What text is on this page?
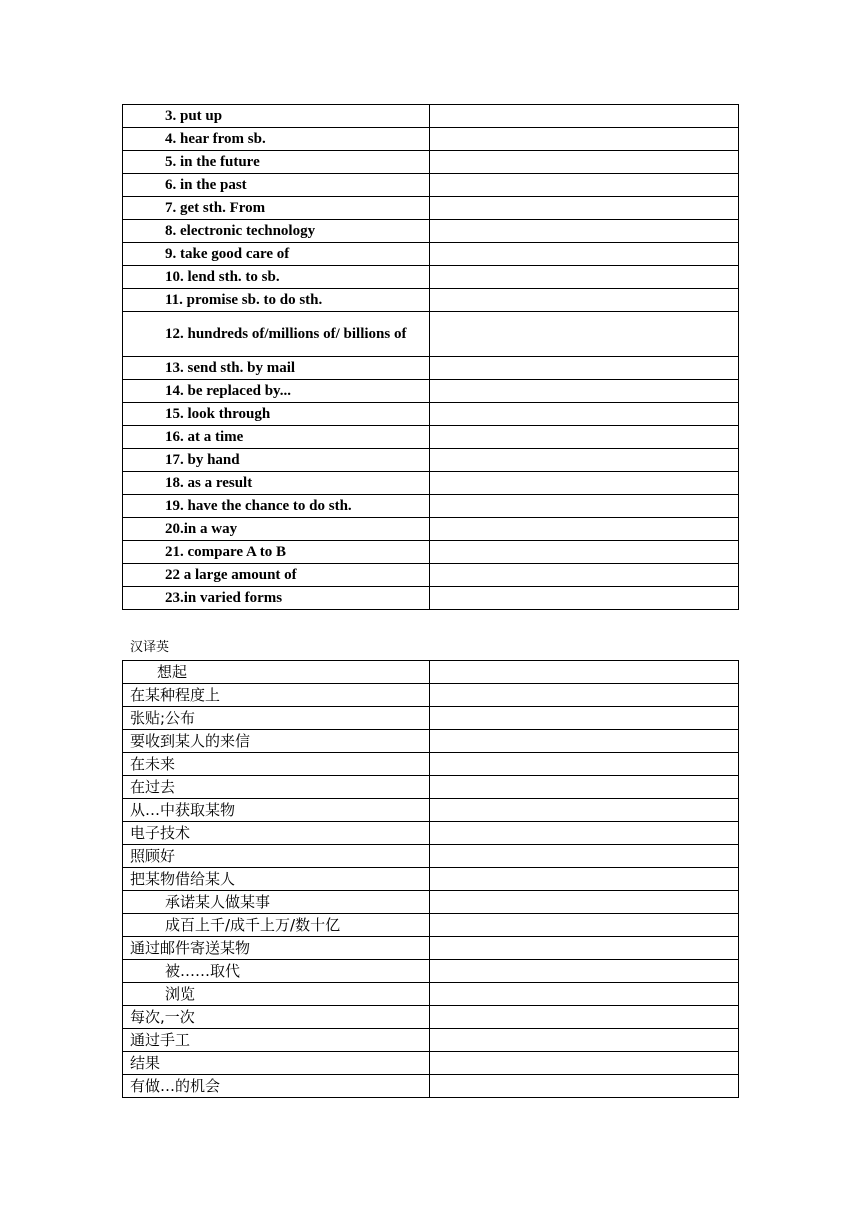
3. put up	
4. hear from sb.	
5. in the future	
6. in the past	
7. get sth. From	
8. electronic technology	
9. take good care of	
10. lend sth. to sb.	
11. promise sb. to do sth.	
12. hundreds of/millions of/ billions of	
13. send sth. by mail	
14. be replaced by...	
15. look through	
16. at a time	
17. by hand	
18. as a result	
19. have the chance to do sth.	
20.in a way	
21. compare A to B	
22 a large amount of	
23.in varied forms	
汉译英
想起	
在某种程度上	
张贴;公布	
要收到某人的来信	
在未来	
在过去	
从…中获取某物	
电子技术	
照顾好	
把某物借给某人	
承诺某人做某事	
成百上千/成千上万/数十亿	
通过邮件寄送某物	
被……取代	
浏览	
每次,一次	
通过手工	
结果	
有做…的机会	
